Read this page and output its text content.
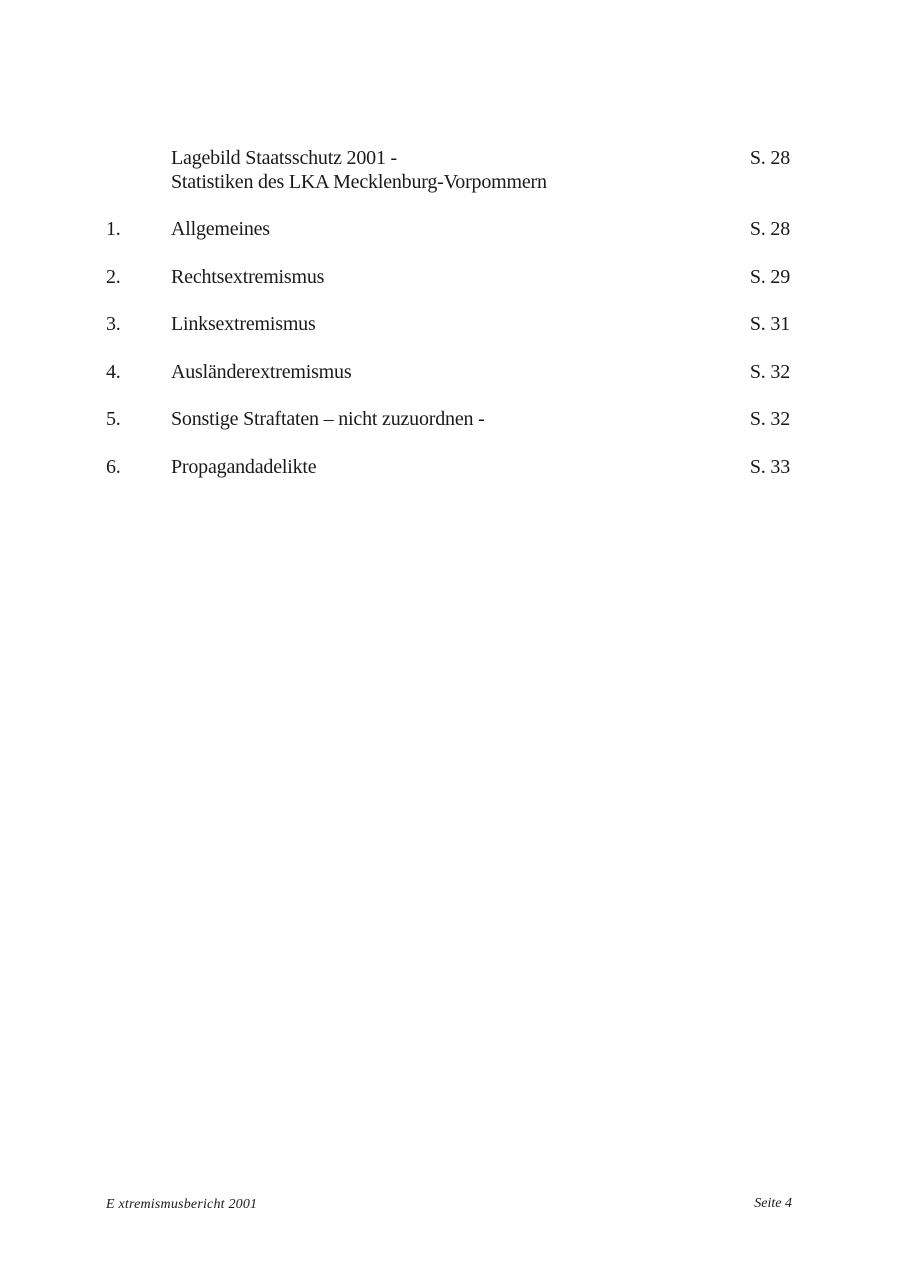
Lagebild Staatsschutz 2001 -
Statistiken des LKA Mecklenburg-Vorpommern
S. 28
1.	Allgemeines	S. 28
2.	Rechtsextremismus	S. 29
3.	Linksextremismus	S. 31
4.	Ausländerextremismus	S. 32
5.	Sonstige Straftaten – nicht zuzuordnen -	S. 32
6.	Propagandadelikte	S. 33
E xtremismusbericht 2001	Seite 4
